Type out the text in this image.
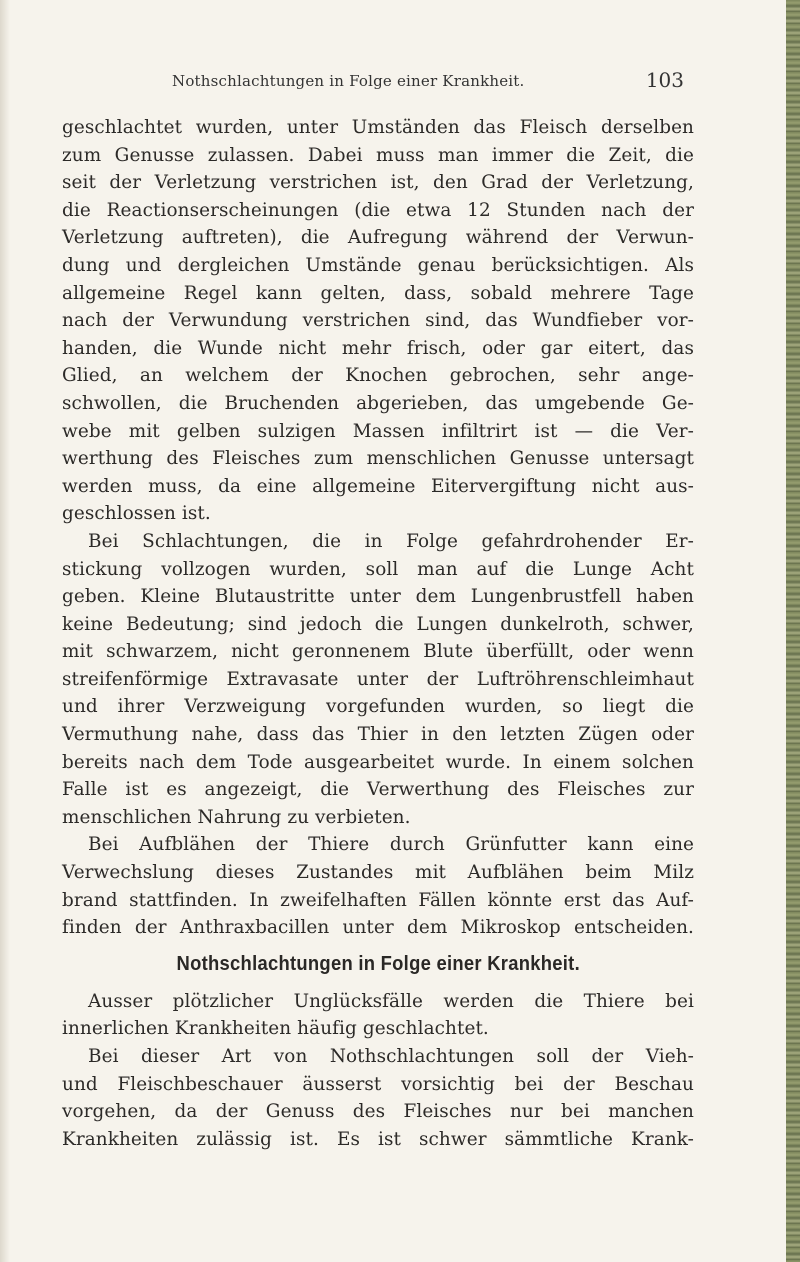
Nothschlachtungen in Folge einer Krankheit.	103
geschlachtet wurden, unter Umständen das Fleisch derselben
zum Genusse zulassen. Dabei muss man immer die Zeit, die
seit der Verletzung verstrichen ist, den Grad der Verletzung,
die Reactionserscheinungen (die etwa 12 Stunden nach der
Verletzung auftreten), die Aufregung während der Verwun-
dung und dergleichen Umstände genau berücksichtigen. Als
allgemeine Regel kann gelten, dass, sobald mehrere Tage
nach der Verwundung verstrichen sind, das Wundfieber vor-
handen, die Wunde nicht mehr frisch, oder gar eitert, das
Glied, an welchem der Knochen gebrochen, sehr ange-
schwollen, die Bruchenden abgerieben, das umgebende Ge-
webe mit gelben sulzigen Massen infiltrirt ist — die Ver-
werthung des Fleisches zum menschlichen Genusse untersagt
werden muss, da eine allgemeine Eitervergiftung nicht aus-
geschlossen ist.
Bei Schlachtungen, die in Folge gefahrdrohender Er-
stickung vollzogen wurden, soll man auf die Lunge Acht
geben. Kleine Blutaustritte unter dem Lungenbrustfell haben
keine Bedeutung; sind jedoch die Lungen dunkelroth, schwer,
mit schwarzem, nicht geronnenem Blute überfüllt, oder wenn
streifenförmige Extravasate unter der Luftröhrenschleimhaut
und ihrer Verzweigung vorgefunden wurden, so liegt die
Vermuthung nahe, dass das Thier in den letzten Zügen oder
bereits nach dem Tode ausgearbeitet wurde. In einem solchen
Falle ist es angezeigt, die Verwerthung des Fleisches zur
menschlichen Nahrung zu verbieten.
Bei Aufblähen der Thiere durch Grünfutter kann eine
Verwechslung dieses Zustandes mit Aufblähen beim Milz
brand stattfinden. In zweifelhaften Fällen könnte erst das Auf-
finden der Anthraxbacillen unter dem Mikroskop entscheiden.
Nothschlachtungen in Folge einer Krankheit.
Ausser plötzlicher Unglücksfälle werden die Thiere bei
innerlichen Krankheiten häufig geschlachtet.
Bei dieser Art von Nothschlachtungen soll der Vieh-
und Fleischbeschauer äusserst vorsichtig bei der Beschau
vorgehen, da der Genuss des Fleisches nur bei manchen
Krankheiten zulässig ist. Es ist schwer sämmtliche Krank-
